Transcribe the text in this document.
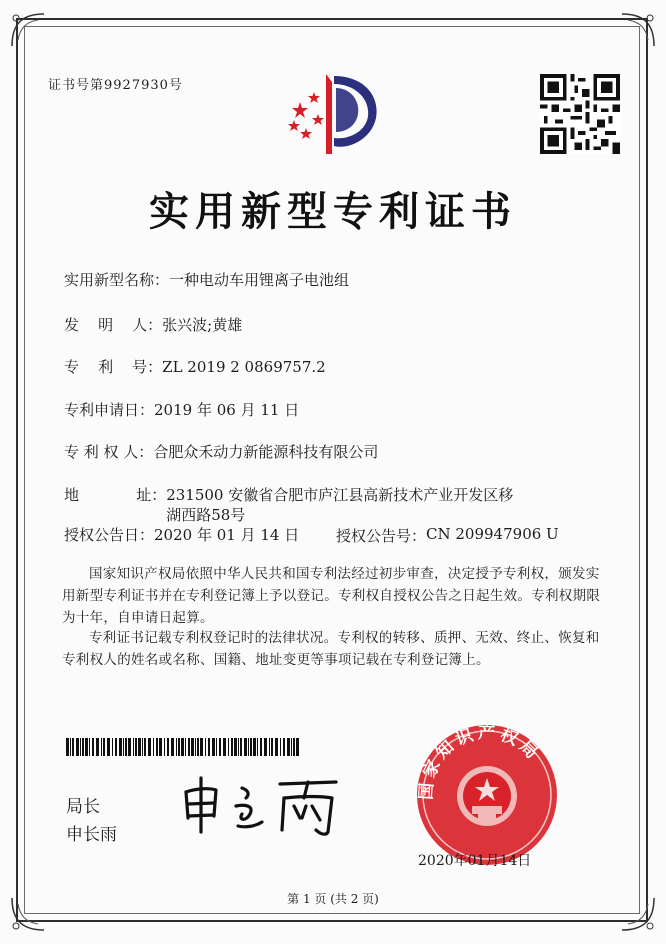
证书号第9927930号
实用新型专利证书
实用新型名称： 一种电动车用锂离子电池组
发    明    人： 张兴波;黄雄
专    利    号： ZL 2019 2 0869757.2
专利申请日： 2019 年 06 月 11 日
专 利 权 人： 合肥众禾动力新能源科技有限公司
地            址： 231500 安徽省合肥市庐江县高新技术产业开发区移湖西路58号
授权公告日： 2020 年 01 月 14 日 授权公告号： CN 209947906 U
国家知识产权局依照中华人民共和国专利法经过初步审查，决定授予专利权，颁发实用新型专利证书并在专利登记簿上予以登记。专利权自授权公告之日起生效。专利权期限为十年，自申请日起算。
专利证书记载专利权登记时的法律状况。专利权的转移、质押、无效、终止、恢复和专利权人的姓名或名称、国籍、地址变更等事项记载在专利登记簿上。
局长
申长雨
国家知识产权局
2020年01月14日
第 1 页 (共 2 页)
